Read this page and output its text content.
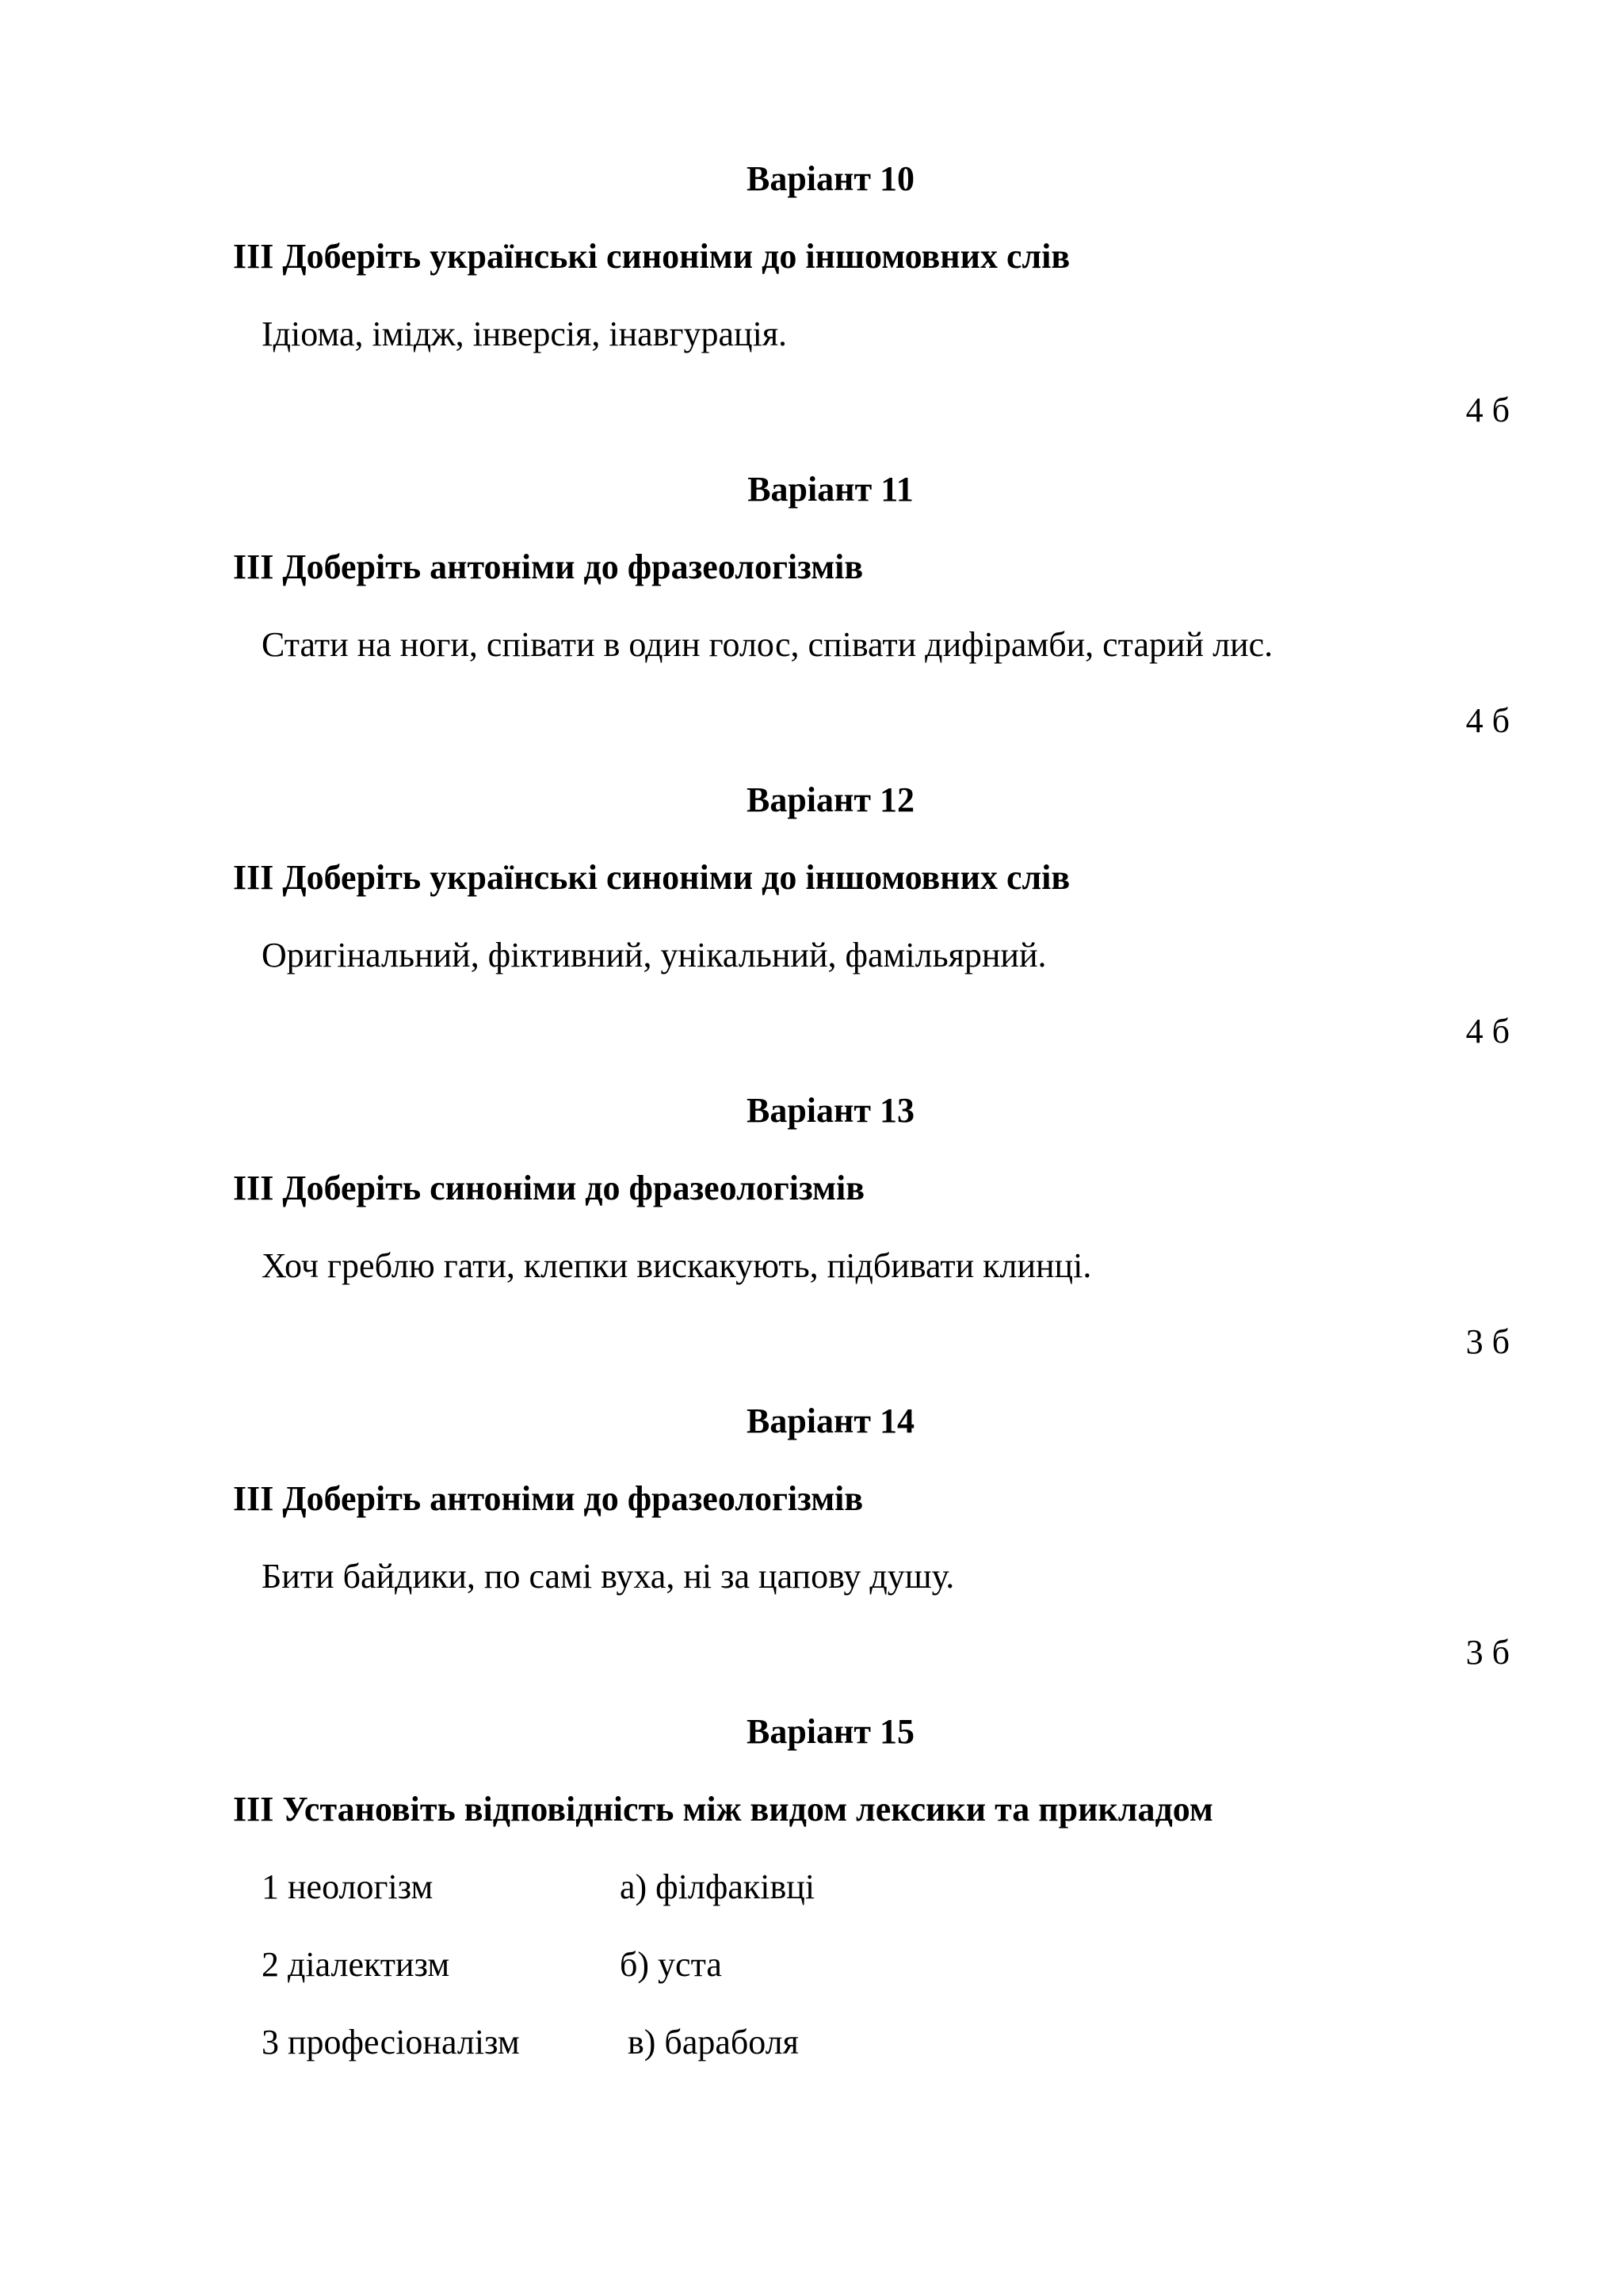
Варіант 10
ІІІ Доберіть українські синоніми до іншомовних слів
Ідіома, імідж, інверсія, інавгурація.
4 б
Варіант 11
ІІІ Доберіть антоніми до фразеологізмів
Стати на ноги, співати в один голос, співати дифірамби, старий лис.
4 б
Варіант 12
ІІІ Доберіть українські синоніми до іншомовних слів
Оригінальний, фіктивний, унікальний, фамільярний.
4 б
Варіант 13
ІІІ Доберіть синоніми до фразеологізмів
Хоч греблю гати, клепки вискакують, підбивати клинці.
3 б
Варіант 14
ІІІ Доберіть антоніми до фразеологізмів
Бити байдики, по самі вуха, ні за цапову душу.
3 б
Варіант 15
ІІІ Установіть відповідність між видом лексики та прикладом
1 неологізм	а) філфаківці
2 діалектизм	б) уста
3 професіоналізм	в) бараболя
